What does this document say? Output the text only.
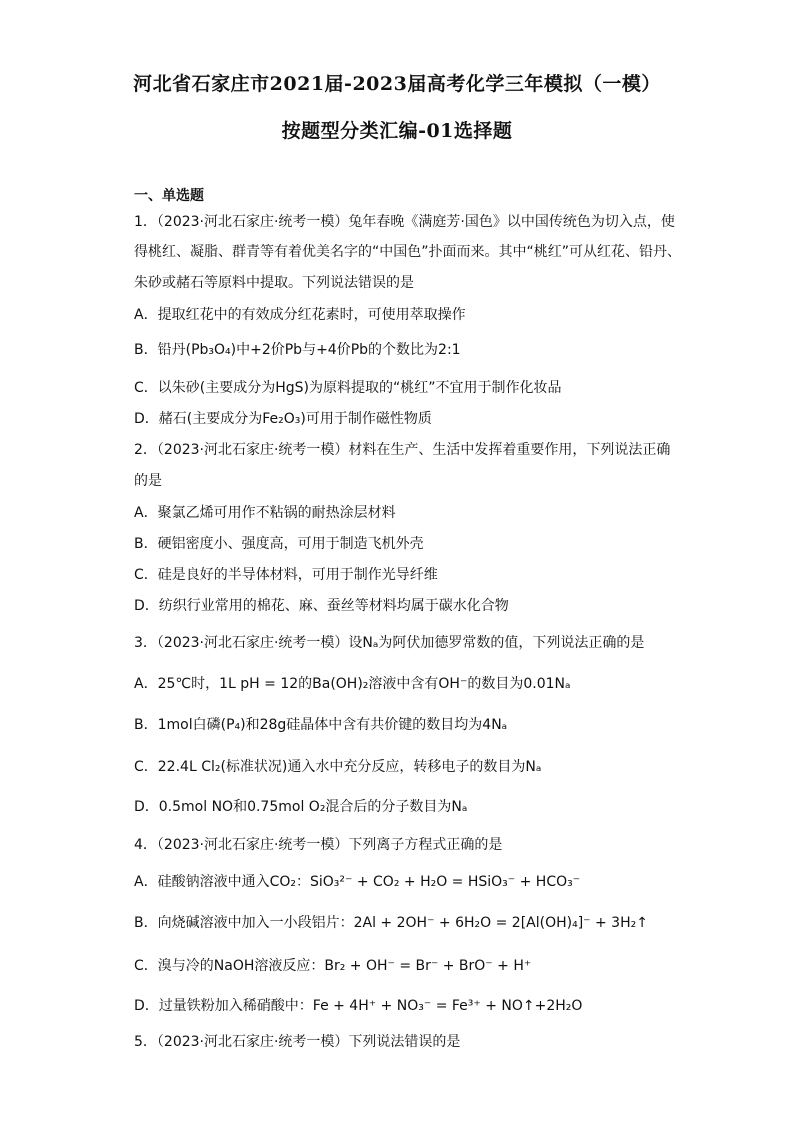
河北省石家庄市2021届-2023届高考化学三年模拟（一模）
按题型分类汇编-01选择题
一、单选题
1．（2023·河北石家庄·统考一模）兔年春晚《满庭芳·国色》以中国传统色为切入点，使
得桃红、凝脂、群青等有着优美名字的“中国色”扑面而来。其中“桃红”可从红花、铅丹、
朱砂或赭石等原料中提取。下列说法错误的是
A．提取红花中的有效成分红花素时，可使用萃取操作
B．铅丹(Pb₃O₄)中+2价Pb与+4价Pb的个数比为2:1
C．以朱砂(主要成分为HgS)为原料提取的“桃红”不宜用于制作化妆品
D．赭石(主要成分为Fe₂O₃)可用于制作磁性物质
2．（2023·河北石家庄·统考一模）材料在生产、生活中发挥着重要作用，下列说法正确
的是
A．聚氯乙烯可用作不粘锅的耐热涂层材料
B．硬铝密度小、强度高，可用于制造飞机外壳
C．硅是良好的半导体材料，可用于制作光导纤维
D．纺织行业常用的棉花、麻、蚕丝等材料均属于碳水化合物
3．（2023·河北石家庄·统考一模）设Nₐ为阿伏加德罗常数的值，下列说法正确的是
A．25℃时，1L pH = 12的Ba(OH)₂溶液中含有OH⁻的数目为0.01Nₐ
B．1mol白磷(P₄)和28g硅晶体中含有共价键的数目均为4Nₐ
C．22.4L Cl₂(标准状况)通入水中充分反应，转移电子的数目为Nₐ
D．0.5mol NO和0.75mol O₂混合后的分子数目为Nₐ
4．（2023·河北石家庄·统考一模）下列离子方程式正确的是
A．硅酸钠溶液中通入CO₂：SiO₃²⁻ + CO₂ + H₂O = HSiO₃⁻ + HCO₃⁻
B．向烧碱溶液中加入一小段铝片：2Al + 2OH⁻ + 6H₂O = 2[Al(OH)₄]⁻ + 3H₂↑
C．溴与冷的NaOH溶液反应：Br₂ + OH⁻ = Br⁻ + BrO⁻ + H⁺
D．过量铁粉加入稀硝酸中：Fe + 4H⁺ + NO₃⁻ = Fe³⁺ + NO↑+2H₂O
5．（2023·河北石家庄·统考一模）下列说法错误的是
